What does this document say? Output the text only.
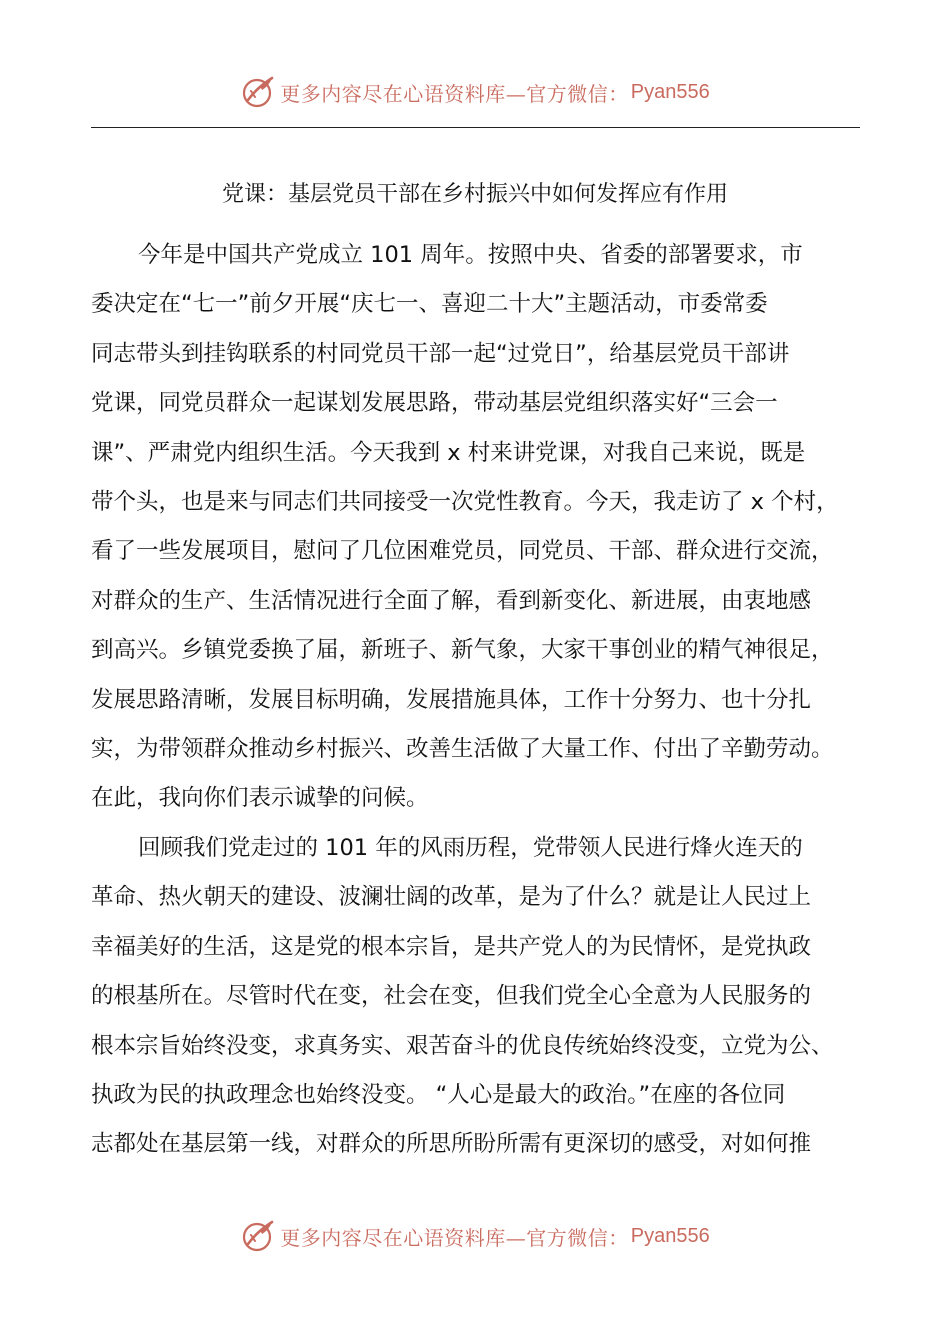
更多内容尽在心语资料库—官方微信： Pyan556
党课：基层党员干部在乡村振兴中如何发挥应有作用
今年是中国共产党成立 101 周年。按照中央、省委的部署要求，市
委决定在“七一”前夕开展“庆七一、喜迎二十大”主题活动，市委常委
同志带头到挂钩联系的村同党员干部一起“过党日”，给基层党员干部讲
党课，同党员群众一起谋划发展思路，带动基层党组织落实好“三会一
课”、严肃党内组织生活。今天我到 x 村来讲党课，对我自己来说，既是
带个头，也是来与同志们共同接受一次党性教育。今天，我走访了 x 个村，
看了一些发展项目，慰问了几位困难党员，同党员、干部、群众进行交流，
对群众的生产、生活情况进行全面了解，看到新变化、新进展，由衷地感
到高兴。乡镇党委换了届，新班子、新气象，大家干事创业的精气神很足，
发展思路清晰，发展目标明确，发展措施具体，工作十分努力、也十分扎
实，为带领群众推动乡村振兴、改善生活做了大量工作、付出了辛勤劳动。
在此，我向你们表示诚挚的问候。
回顾我们党走过的 101 年的风雨历程，党带领人民进行烽火连天的
革命、热火朝天的建设、波澜壮阔的改革，是为了什么？就是让人民过上
幸福美好的生活，这是党的根本宗旨，是共产党人的为民情怀，是党执政
的根基所在。尽管时代在变，社会在变，但我们党全心全意为人民服务的
根本宗旨始终没变，求真务实、艰苦奋斗的优良传统始终没变，立党为公、
执政为民的执政理念也始终没变。 “人心是最大的政治。”在座的各位同
志都处在基层第一线，对群众的所思所盼所需有更深切的感受，对如何推
更多内容尽在心语资料库—官方微信： Pyan556
